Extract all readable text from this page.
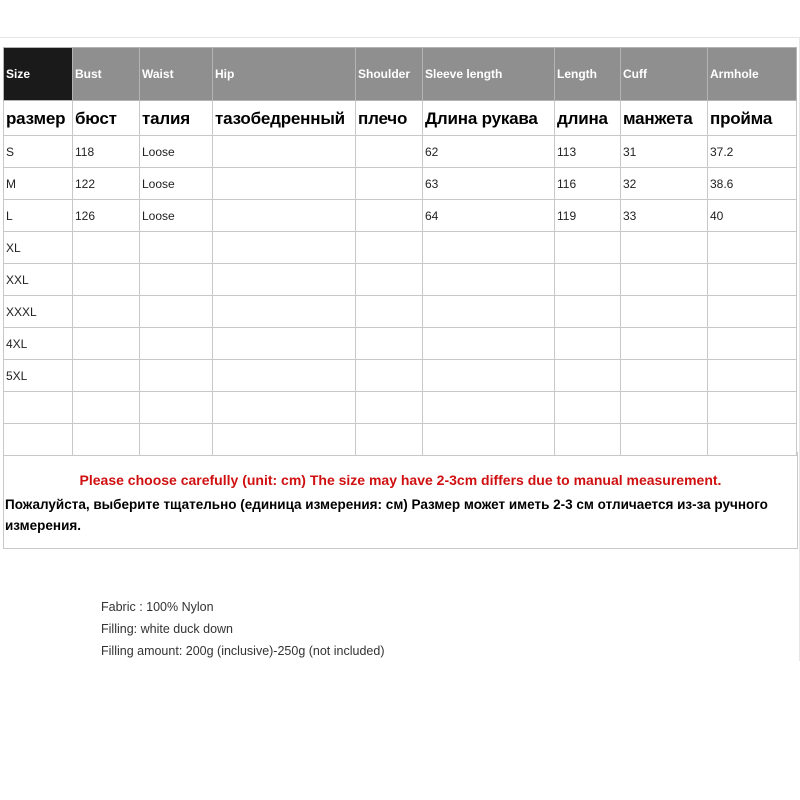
Size	Bust	Waist	Hip	Shoulder	Sleeve length	Length	Cuff	Armhole
размер	бюст	талия	тазобедренный	плечо	Длина рукава	длина	манжета	пройма
S	118	Loose			62	113	31	37.2
M	122	Loose			63	116	32	38.6
L	126	Loose			64	119	33	40
XL								
XXL								
XXXL								
4XL								
5XL								

Please choose carefully (unit: cm) The size may have 2-3cm differs due to manual measurement.
Пожалуйста, выберите тщательно (единица измерения: см) Размер может иметь 2-3 см отличается из-за ручного измерения.
Fabric : 100% Nylon
Filling: white duck down
Filling amount: 200g (inclusive)-250g (not included)
